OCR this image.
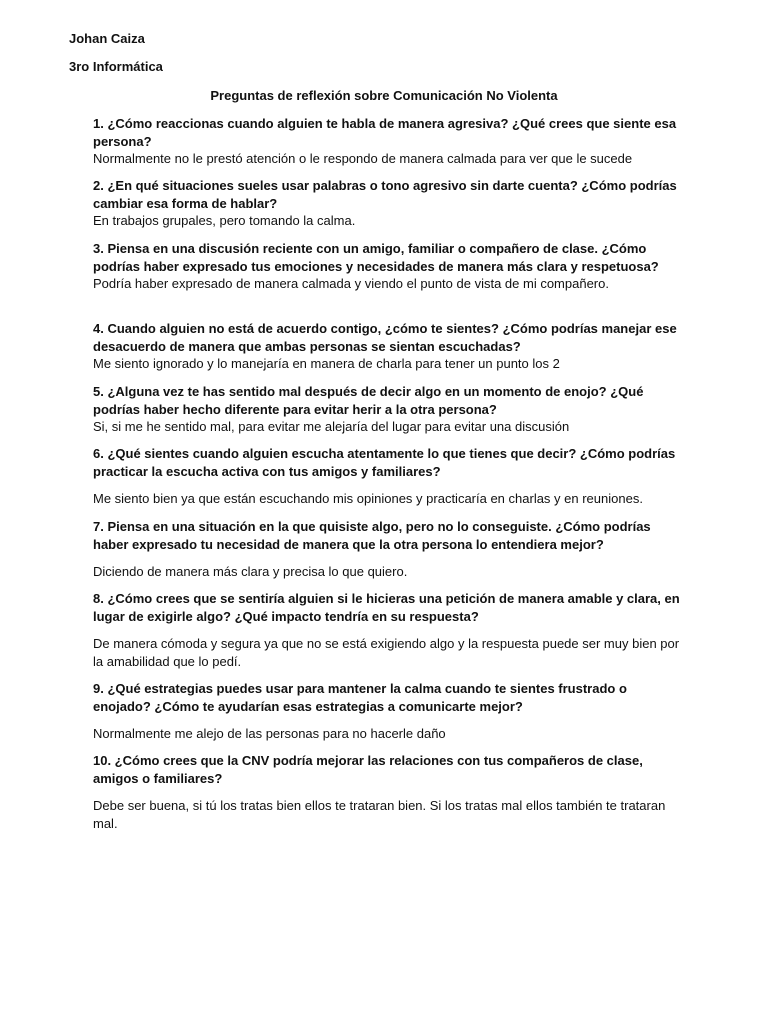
Johan Caiza
3ro Informática
Preguntas de reflexión sobre Comunicación No Violenta

1. ¿Cómo reaccionas cuando alguien te habla de manera agresiva? ¿Qué crees que siente esa persona?

Normalmente no le prestó atención o le respondo de manera calmada para ver que le sucede

2. ¿En qué situaciones sueles usar palabras o tono agresivo sin darte cuenta? ¿Cómo podrías cambiar esa forma de hablar?

En trabajos grupales, pero tomando la calma.

3. Piensa en una discusión reciente con un amigo, familiar o compañero de clase. ¿Cómo podrías haber expresado tus emociones y necesidades de manera más clara y respetuosa?

Podría haber expresado de manera calmada y viendo el punto de vista de mi compañero.

4. Cuando alguien no está de acuerdo contigo, ¿cómo te sientes? ¿Cómo podrías manejar ese desacuerdo de manera que ambas personas se sientan escuchadas?

Me siento ignorado y lo manejaría en manera de charla para tener un punto los 2

5. ¿Alguna vez te has sentido mal después de decir algo en un momento de enojo? ¿Qué podrías haber hecho diferente para evitar herir a la otra persona?

Si, si me he sentido mal, para evitar me alejaría del lugar para evitar una discusión

6. ¿Qué sientes cuando alguien escucha atentamente lo que tienes que decir? ¿Cómo podrías practicar la escucha activa con tus amigos y familiares?

Me siento bien ya que están escuchando mis opiniones y practicaría en charlas y en reuniones.

7. Piensa en una situación en la que quisiste algo, pero no lo conseguiste. ¿Cómo podrías haber expresado tu necesidad de manera que la otra persona lo entendiera mejor?

Diciendo de manera más clara y precisa lo que quiero.

8. ¿Cómo crees que se sentiría alguien si le hicieras una petición de manera amable y clara, en lugar de exigirle algo? ¿Qué impacto tendría en su respuesta?

De manera cómoda y segura ya que no se está exigiendo algo y la respuesta puede ser muy bien por la amabilidad que lo pedí.

9. ¿Qué estrategias puedes usar para mantener la calma cuando te sientes frustrado o enojado? ¿Cómo te ayudarían esas estrategias a comunicarte mejor?

Normalmente me alejo de las personas para no hacerle daño

10. ¿Cómo crees que la CNV podría mejorar las relaciones con tus compañeros de clase, amigos o familiares?

Debe ser buena, si tú los tratas bien ellos te trataran bien. Si los tratas mal ellos también te trataran mal.
